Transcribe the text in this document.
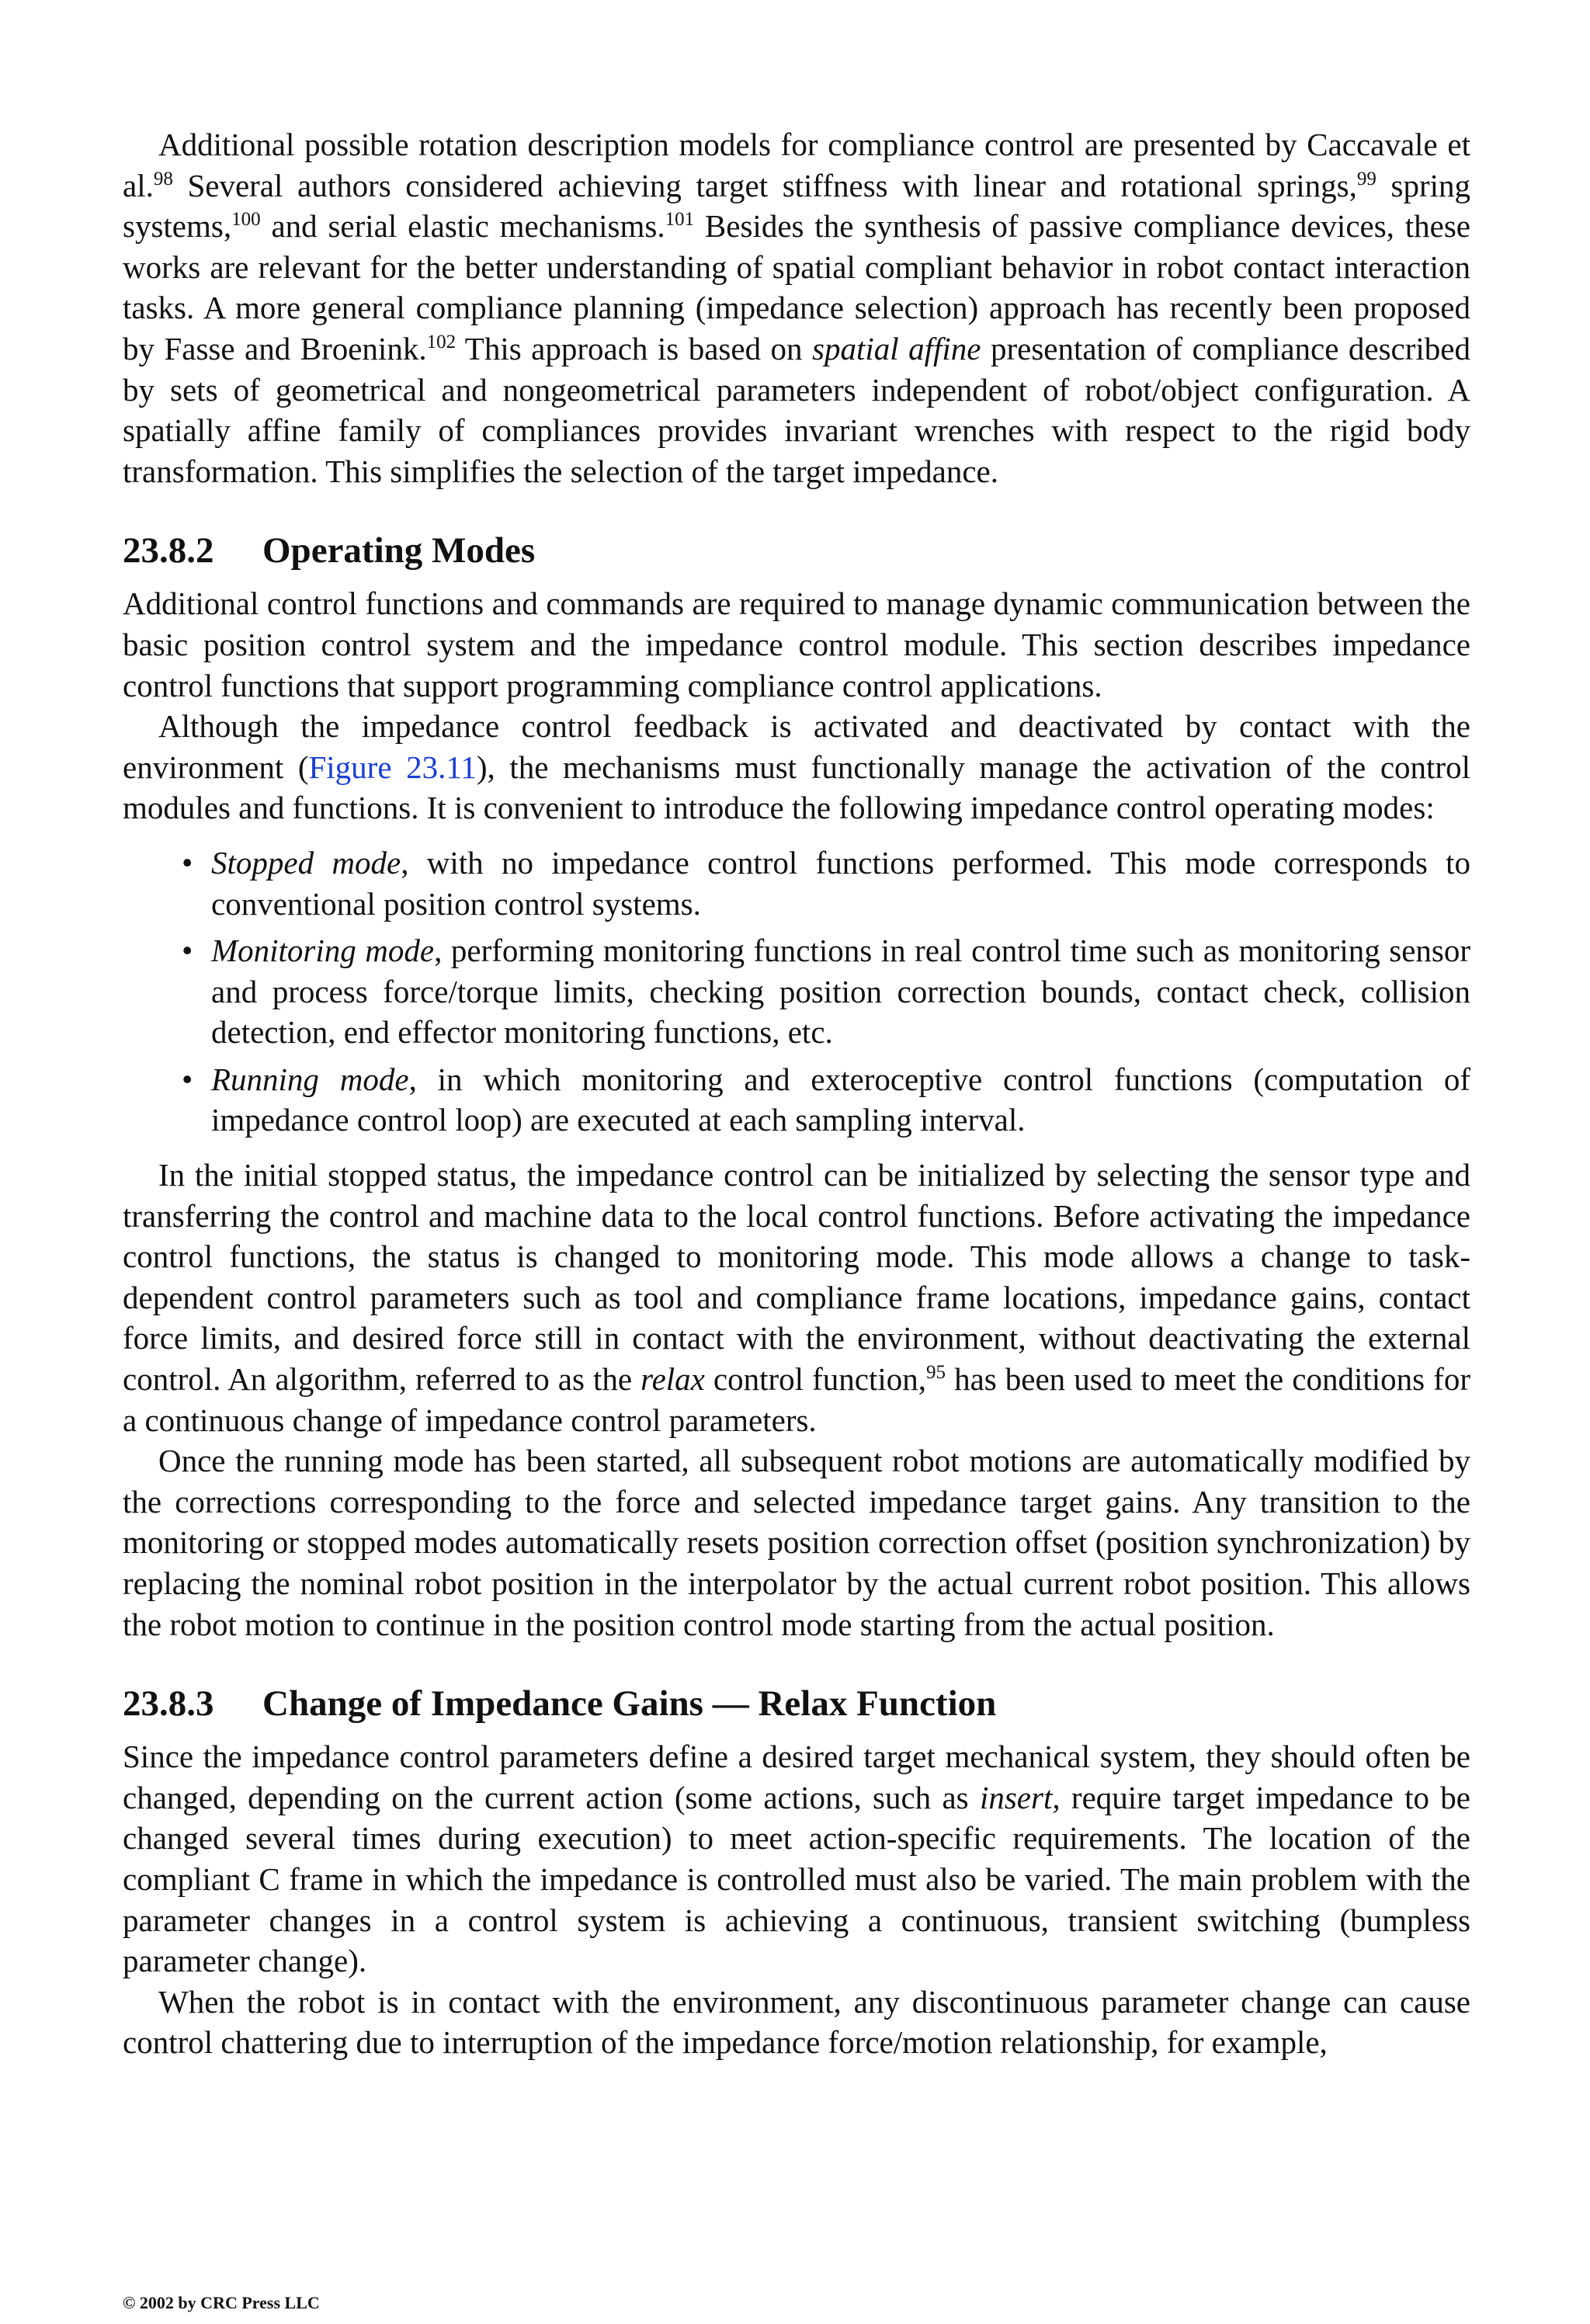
Additional possible rotation description models for compliance control are presented by Caccavale et al.$^{98}$ Several authors considered achieving target stiffness with linear and rotational springs,$^{99}$ spring systems,$^{100}$ and serial elastic mechanisms.$^{101}$ Besides the synthesis of passive compliance devices, these works are relevant for the better understanding of spatial compliant behavior in robot contact interaction tasks. A more general compliance planning (impedance selection) approach has recently been proposed by Fasse and Broenink.$^{102}$ This approach is based on spatial affine presentation of compliance described by sets of geometrical and nongeometrical parameters independent of robot/object configuration. A spatially affine family of compliances provides invariant wrenches with respect to the rigid body transformation. This simplifies the selection of the target impedance.

23.8.2 Operating Modes

Additional control functions and commands are required to manage dynamic communication between the basic position control system and the impedance control module. This section describes impedance control functions that support programming compliance control applications.

Although the impedance control feedback is activated and deactivated by contact with the environment (Figure 23.11), the mechanisms must functionally manage the activation of the control modules and functions. It is convenient to introduce the following impedance control operating modes:

• Stopped mode, with no impedance control functions performed. This mode corresponds to conventional position control systems.
• Monitoring mode, performing monitoring functions in real control time such as monitoring sensor and process force/torque limits, checking position correction bounds, contact check, collision detection, end effector monitoring functions, etc.
• Running mode, in which monitoring and exteroceptive control functions (computation of impedance control loop) are executed at each sampling interval.

In the initial stopped status, the impedance control can be initialized by selecting the sensor type and transferring the control and machine data to the local control functions. Before activating the impedance control functions, the status is changed to monitoring mode. This mode allows a change to task-dependent control parameters such as tool and compliance frame locations, impedance gains, contact force limits, and desired force still in contact with the environment, without deactivating the external control. An algorithm, referred to as the relax control function,$^{95}$ has been used to meet the conditions for a continuous change of impedance control parameters.

Once the running mode has been started, all subsequent robot motions are automatically modified by the corrections corresponding to the force and selected impedance target gains. Any transition to the monitoring or stopped modes automatically resets position correction offset (position synchronization) by replacing the nominal robot position in the interpolator by the actual current robot position. This allows the robot motion to continue in the position control mode starting from the actual position.

23.8.3 Change of Impedance Gains — Relax Function

Since the impedance control parameters define a desired target mechanical system, they should often be changed, depending on the current action (some actions, such as insert, require target impedance to be changed several times during execution) to meet action-specific requirements. The location of the compliant C frame in which the impedance is controlled must also be varied. The main problem with the parameter changes in a control system is achieving a continuous, transient switching (bumpless parameter change).

When the robot is in contact with the environment, any discontinuous parameter change can cause control chattering due to interruption of the impedance force/motion relationship, for example,

© 2002 by CRC Press LLC
